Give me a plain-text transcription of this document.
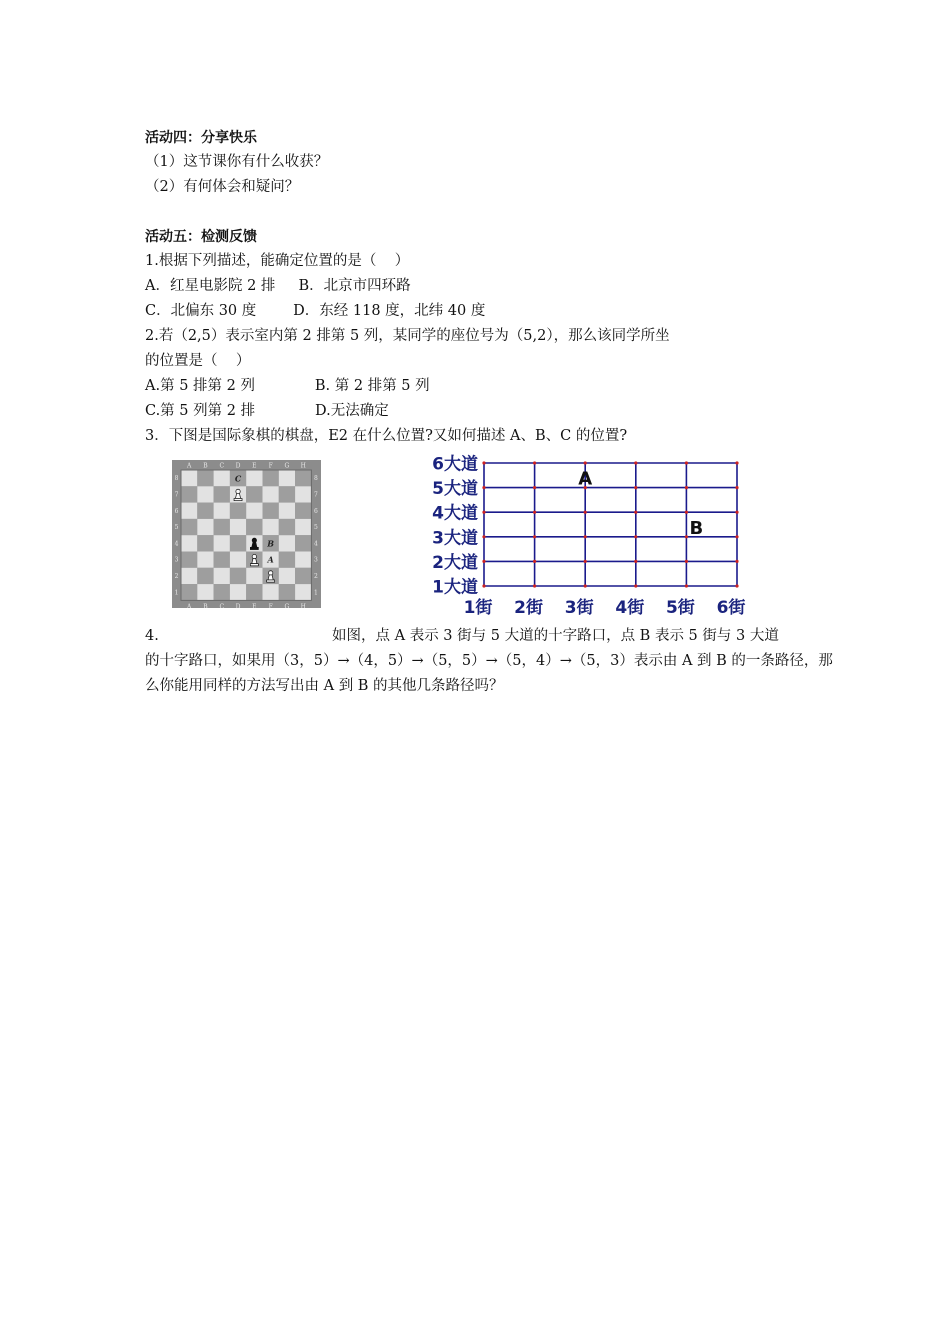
活动四：分享快乐
（1）这节课你有什么收获？
（2）有何体会和疑问？
活动五：检测反馈
1.根据下列描述，能确定位置的是（    ）
A．红星电影院 2 排     B．北京市四环路
C．北偏东 30 度        D．东经 118 度，北纬 40 度
2.若（2,5）表示室内第 2 排第 5 列，某同学的座位号为（5,2），那么该同学所坐
的位置是（    ）
A.第 5 排第 2 列             B. 第 2 排第 5 列
C.第 5 列第 2 排             D.无法确定
3．下图是国际象棋的棋盘，E2 在什么位置?又如何描述 A、B、C 的位置?
A
A
B
B
C
C
D
D
E
E
F
F
G
G
H
H
8	8
7	7
6	6
5	5
4	4
3	3
2	2
1	1
C
B
A
6大道
5大道
4大道
3大道
2大道
1大道
1街 2街 3街 4街 5街 6街
A
B
4.	如图，点 A 表示 3 街与 5 大道的十字路口，点 B 表示 5 街与 3 大道
的十字路口，如果用（3，5）→（4，5）→（5，5）→（5，4）→（5，3）表示由 A 到 B 的一条路径，那
么你能用同样的方法写出由 A 到 B 的其他几条路径吗？
